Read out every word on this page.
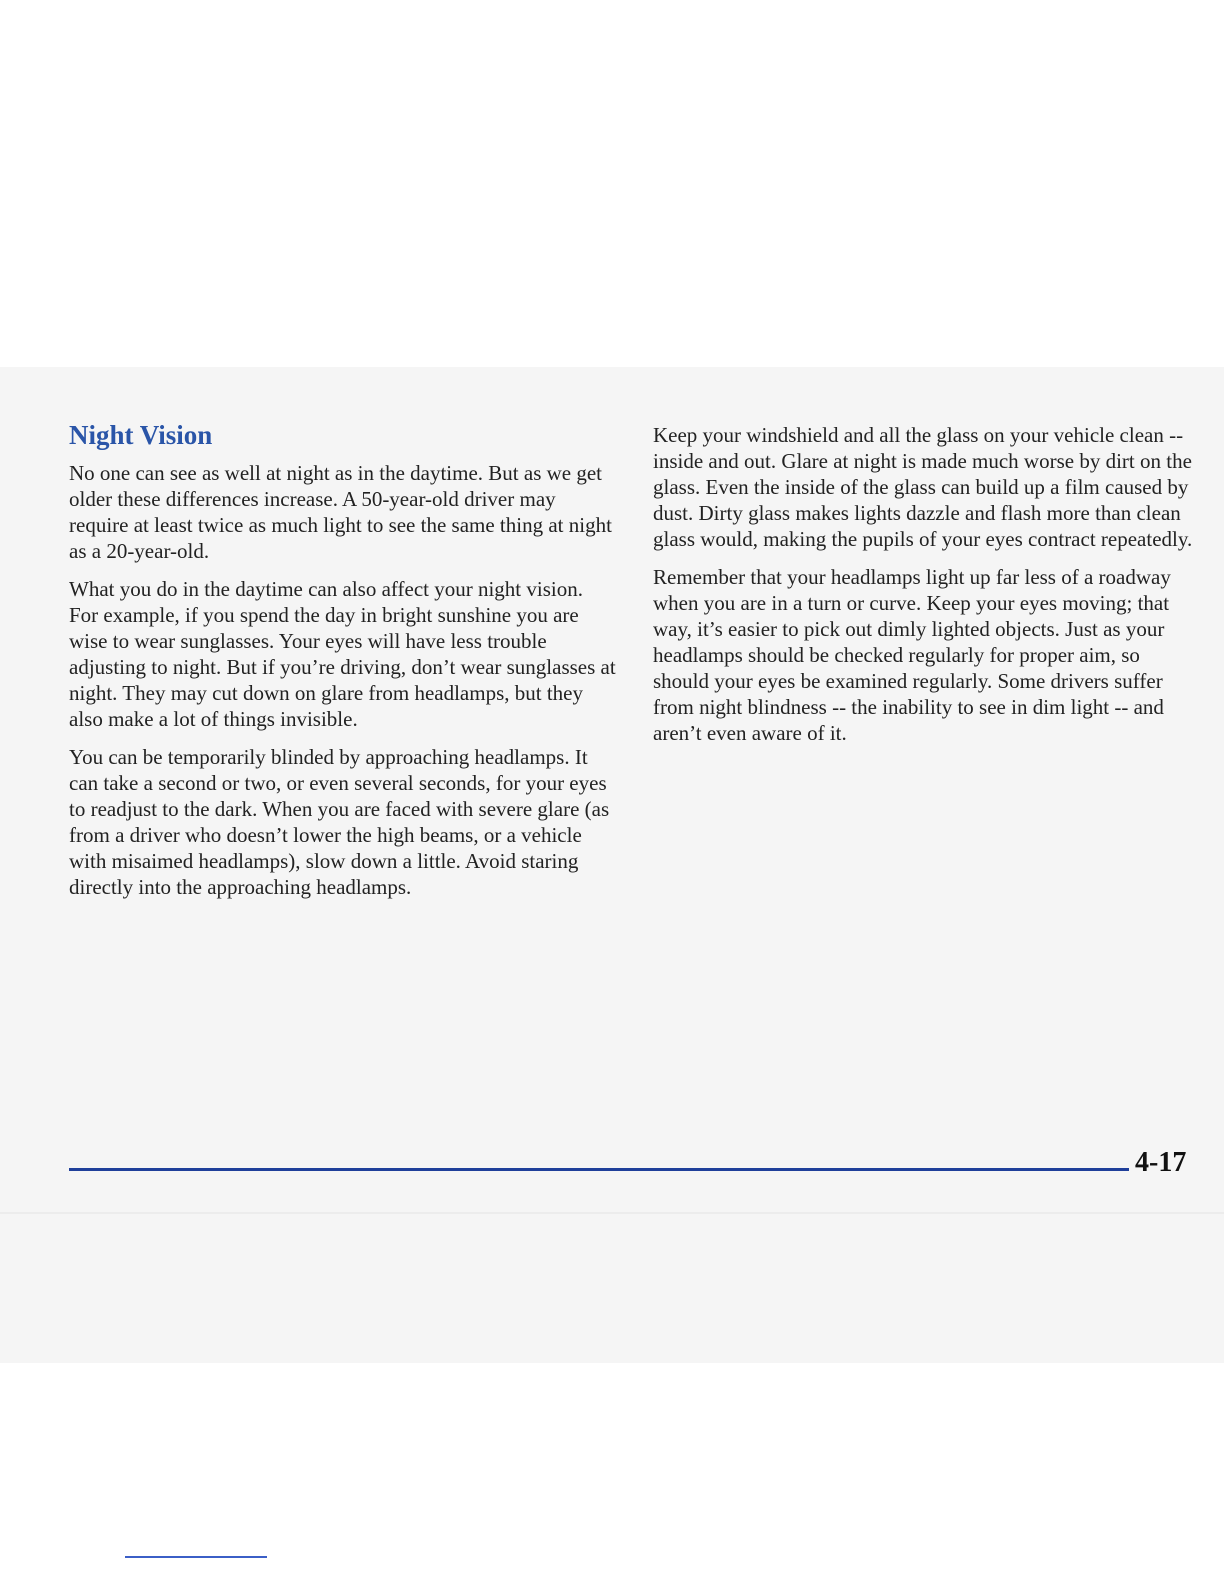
Night Vision

No one can see as well at night as in the daytime. But as we get older these differences increase. A 50-year-old driver may require at least twice as much light to see the same thing at night as a 20-year-old.

What you do in the daytime can also affect your night vision. For example, if you spend the day in bright sunshine you are wise to wear sunglasses. Your eyes will have less trouble adjusting to night. But if you’re driving, don’t wear sunglasses at night. They may cut down on glare from headlamps, but they also make a lot of things invisible.

You can be temporarily blinded by approaching headlamps. It can take a second or two, or even several seconds, for your eyes to readjust to the dark. When you are faced with severe glare (as from a driver who doesn’t lower the high beams, or a vehicle with misaimed headlamps), slow down a little. Avoid staring directly into the approaching headlamps.

Keep your windshield and all the glass on your vehicle clean -- inside and out. Glare at night is made much worse by dirt on the glass. Even the inside of the glass can build up a film caused by dust. Dirty glass makes lights dazzle and flash more than clean glass would, making the pupils of your eyes contract repeatedly.

Remember that your headlamps light up far less of a roadway when you are in a turn or curve. Keep your eyes moving; that way, it’s easier to pick out dimly lighted objects. Just as your headlamps should be checked regularly for proper aim, so should your eyes be examined regularly. Some drivers suffer from night blindness -- the inability to see in dim light -- and aren’t even aware of it.

4-17
